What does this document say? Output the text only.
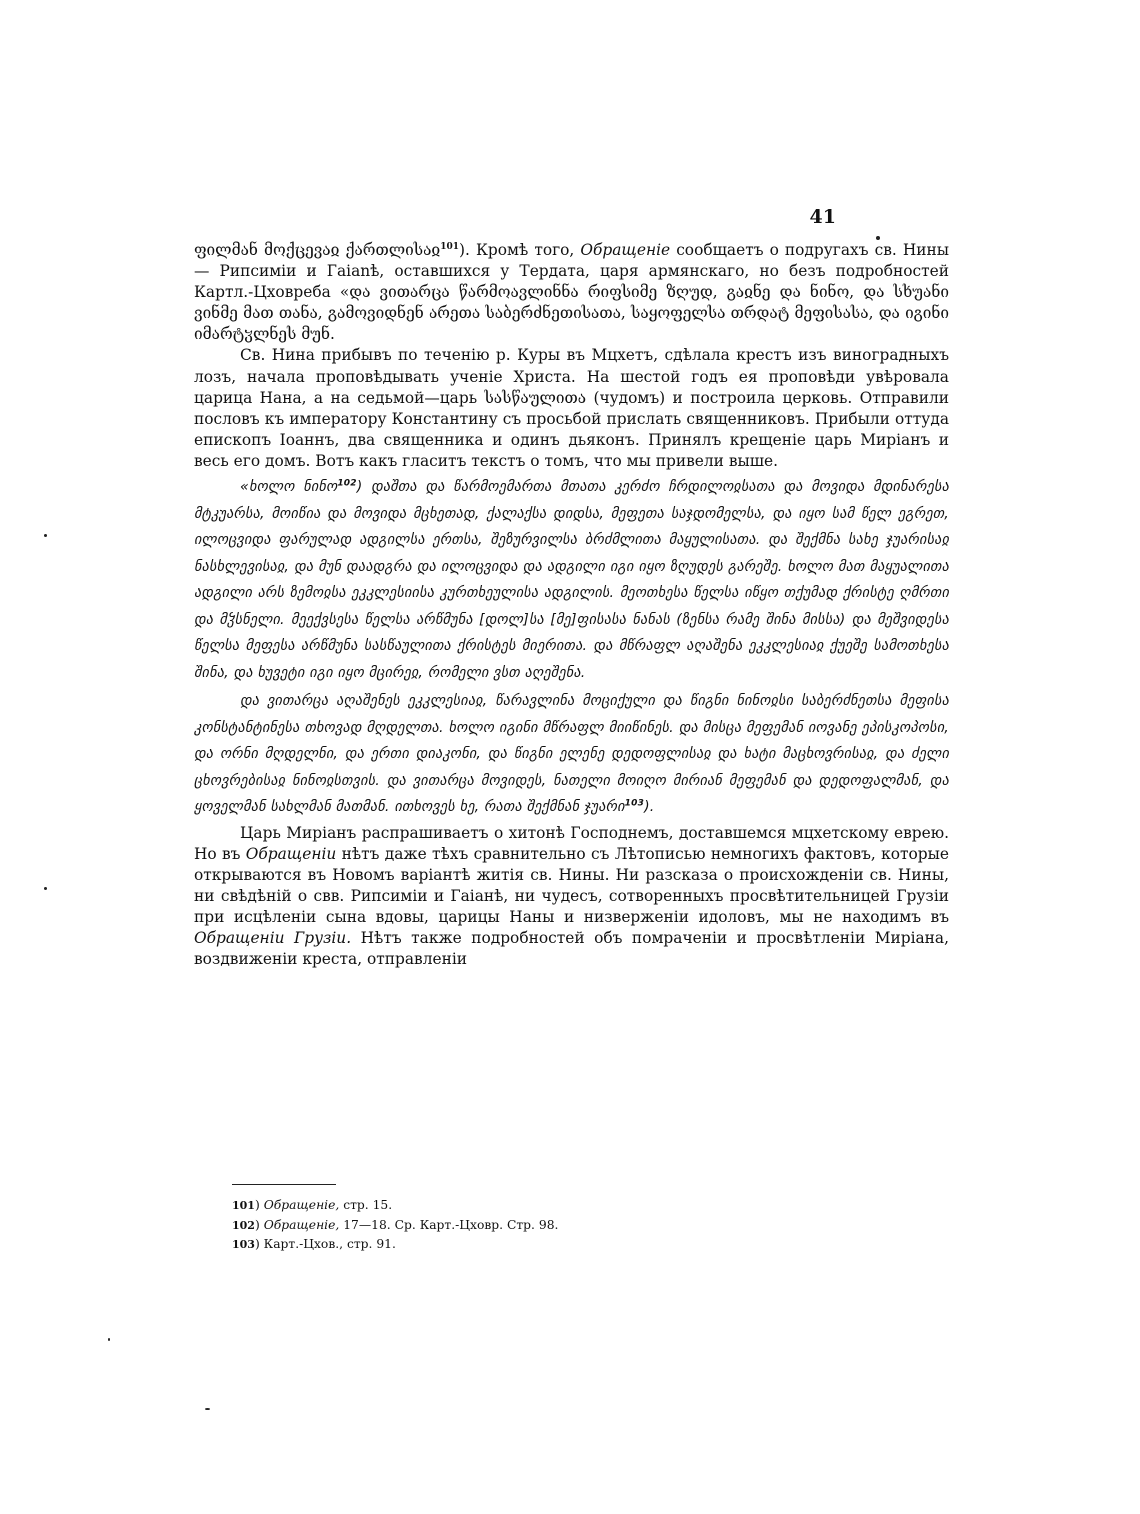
41

ფილმან მოქცევაჲ ქართლისაჲ$^{101}$). Кромѣ того, Обращеніе сообщаетъ о подругахъ св. Нины — Рипсимiи и Гаianѣ, оставшихся у Тердата, царя армянскаго, но безъ подробностей Картл.-Цховреба «და ვითარცა წარმოავლინნა რიფსიმე ზღუდ, გაჲნე და ნინო, და სხუანი ვინმე მათ თანა, გამოვიდნენ არეთა საბერძნეთისათა, საყოფელსა თრდატ მეფისასა, და იგინი იმარტჳლნეს მუნ.

Св. Нина прибывъ по теченію р. Куры въ Мцхетъ, сдѣлала крестъ изъ виноградныхъ лозъ, начала проповѣдывать ученіе Христа. На шестой годъ ея проповѣди увѣровала царица Нана, а на седьмой—царь სასწაულითა (чудомъ) и построила церковь. Отправили пословъ къ императору Константину съ просьбой прислать священниковъ. Прибыли оттуда епископъ Іоаннъ, два священника и одинъ дьяконъ. Принялъ крещеніе царь Миріанъ и весь его домъ. Вотъ какъ гласитъ текстъ о томъ, что мы привели выше.

«ხოლო ნინო$^{102}$) დაშთა და წარმოემართა მთათა კერძო ჩრდილოჲსათა და მოვიდა მდინარესა მტკუარსა, მოიწია და მოვიდა მცხეთად, ქალაქსა დიდსა, მეფეთა საჯდომელსა, და იყო სამ წელ ეგრეთ, ილოცვიდა ფარულად ადგილსა ერთსა, შეზურვილსა ბრძმლითა მაყულისათა. და შექმნა სახე ჯუარისაჲ ნასხლევისაჲ, და მუნ დაადგრა და ილოცვიდა და ადგილი იგი იყო ზღუდეს გარეშე. ხოლო მათ მაყუალითა ადგილი არს ზემოჲსა ეკკლესიისა კურთხეულისა ადგილის. მეოთხესა წელსა იწყო თქუმად ქრისტე ღმრთი და მჴსნელი. მეექვსესა წელსა არწმუნა [დოლ]სა [მე]ფისასა ნანას (ზენსა რამე შინა მისსა) და მეშვიდესა წელსა მეფესა არწმუნა სასწაულითა ქრისტეს მიერითა. და მწრაფლ აღაშენა ეკკლესიაჲ ქუეშე სამოთხესა შინა, და ხუვეტი იგი იყო მცირეჲ, რომელი ვსთ აღეშენა.

და ვითარცა აღაშენეს ეკკლესიაჲ, წარავლინა მოციქული და წიგნი ნინოჲსი საბერძნეთსა მეფისა კონსტანტინესა თხოვად მღდელთა. ხოლო იგინი მწრაფლ მიიწინეს. და მისცა მეფემან იოვანე ეპისკოპოსი, და ორნი მღდელნი, და ერთი დიაკონი, და წიგნი ელენე დედოფლისაჲ და ხატი მაცხოვრისაჲ, და ძელი ცხოვრებისაჲ ნინოჲსთვის. და ვითარცა მოვიდეს, ნათელი მოიღო მირიან მეფემან და დედოფალმან, და ყოველმან სახლმან მათმან. ითხოვეს ხე, რათა შექმნან ჯუარი$^{103}$).

Царь Миріанъ распрашиваетъ о хитонѣ Господнемъ, доставшемся мцхетскому еврею. Но въ Обращеніи нѣтъ даже тѣхъ сравнительно съ Лѣтописью немногихъ фактовъ, которые открываются въ Новомъ варіантѣ житія св. Нины. Ни разсказа о происхожденіи св. Нины, ни свѣдѣній о свв. Рипсиміи и Гаіанѣ, ни чудесъ, сотворенныхъ просвѣтительницей Грузіи при исцѣленіи сына вдовы, царицы Наны и низверженіи идоловъ, мы не находимъ въ Обращеніи Грузіи. Нѣтъ также подробностей объ помраченіи и просвѣтленіи Миріана, воздвиженіи креста, отправленіи

101) Обращеніе, стр. 15.
102) Обращеніе, 17—18. Ср. Карт.-Цховр. Стр. 98.
103) Карт.-Цхов., стр. 91.
